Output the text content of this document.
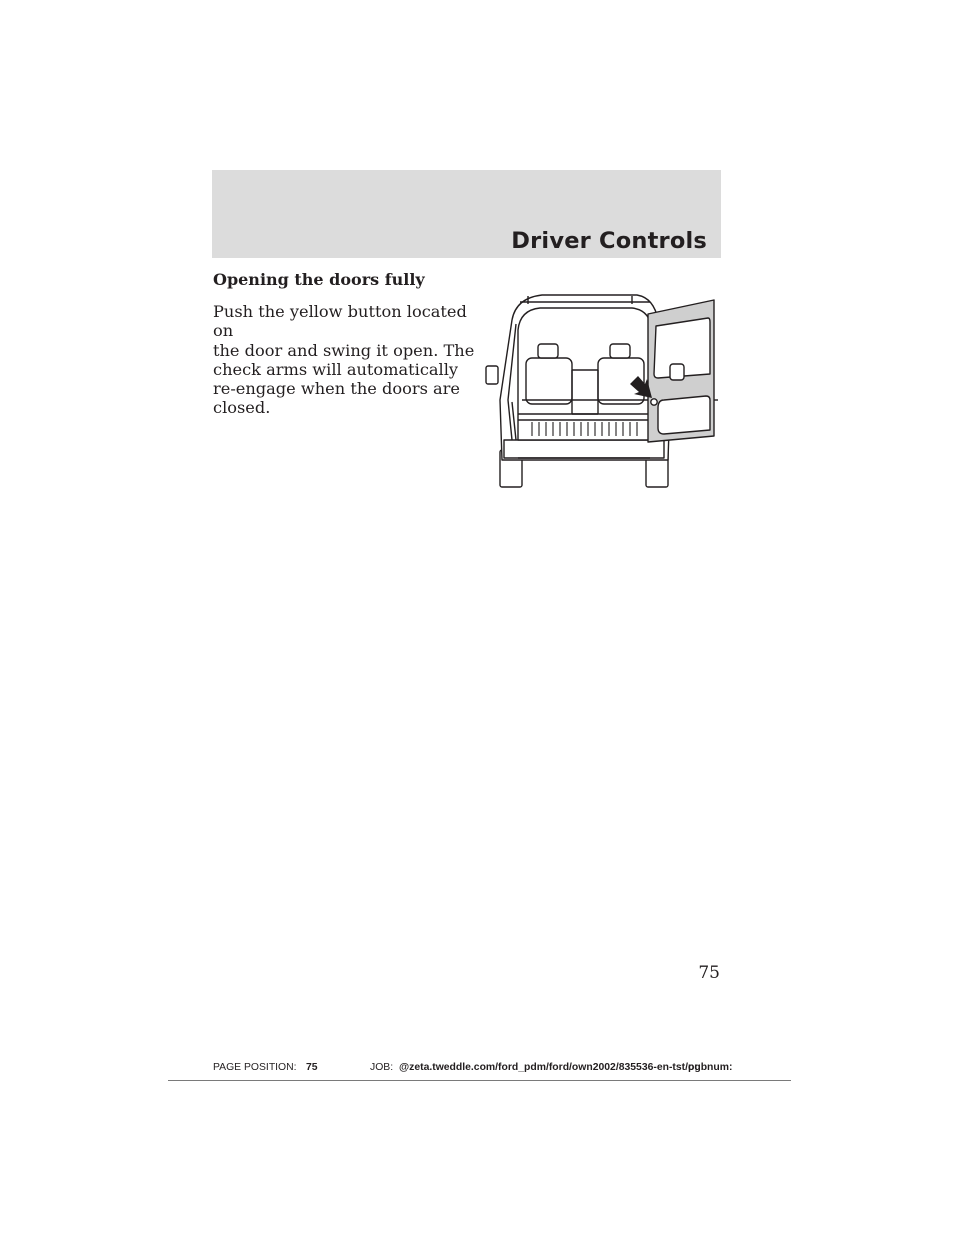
Driver Controls
Opening the doors fully

Push the yellow button located on
the door and swing it open. The
check arms will automatically
re-engage when the doors are
closed.

75
PAGE POSITION: 75	JOB: @zeta.tweddle.com/ford_pdm/ford/own2002/835536-en-tst/og
pubnum:
